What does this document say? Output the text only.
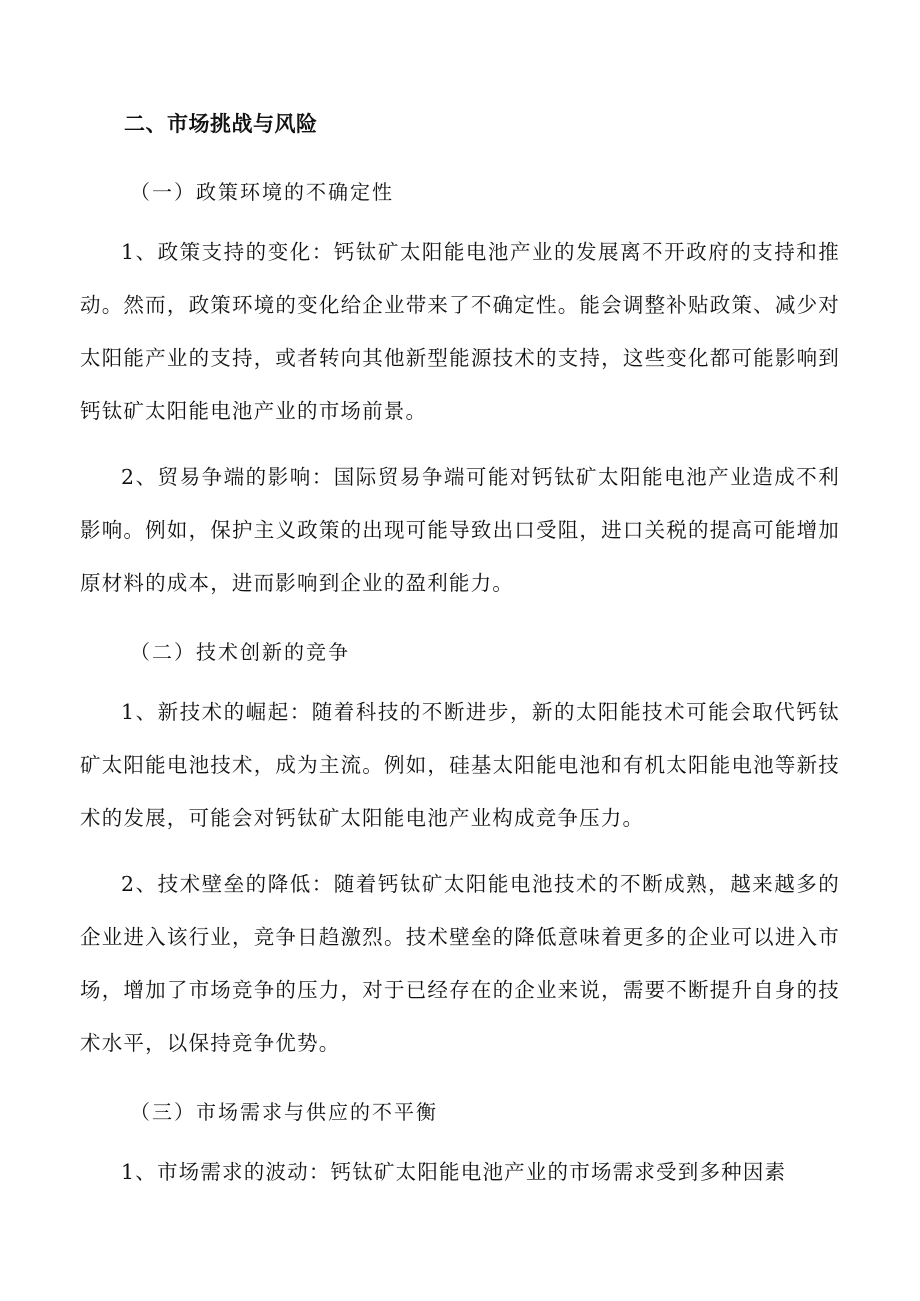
二、市场挑战与风险

（一）政策环境的不确定性

1、政策支持的变化：钙钛矿太阳能电池产业的发展离不开政府的支持和推动。然而，政策环境的变化给企业带来了不确定性。能会调整补贴政策、减少对太阳能产业的支持，或者转向其他新型能源技术的支持，这些变化都可能影响到钙钛矿太阳能电池产业的市场前景。

2、贸易争端的影响：国际贸易争端可能对钙钛矿太阳能电池产业造成不利影响。例如，保护主义政策的出现可能导致出口受阻，进口关税的提高可能增加原材料的成本，进而影响到企业的盈利能力。

（二）技术创新的竞争

1、新技术的崛起：随着科技的不断进步，新的太阳能技术可能会取代钙钛矿太阳能电池技术，成为主流。例如，硅基太阳能电池和有机太阳能电池等新技术的发展，可能会对钙钛矿太阳能电池产业构成竞争压力。

2、技术壁垒的降低：随着钙钛矿太阳能电池技术的不断成熟，越来越多的企业进入该行业，竞争日趋激烈。技术壁垒的降低意味着更多的企业可以进入市场，增加了市场竞争的压力，对于已经存在的企业来说，需要不断提升自身的技术水平，以保持竞争优势。

（三）市场需求与供应的不平衡

1、市场需求的波动：钙钛矿太阳能电池产业的市场需求受到多种因素
